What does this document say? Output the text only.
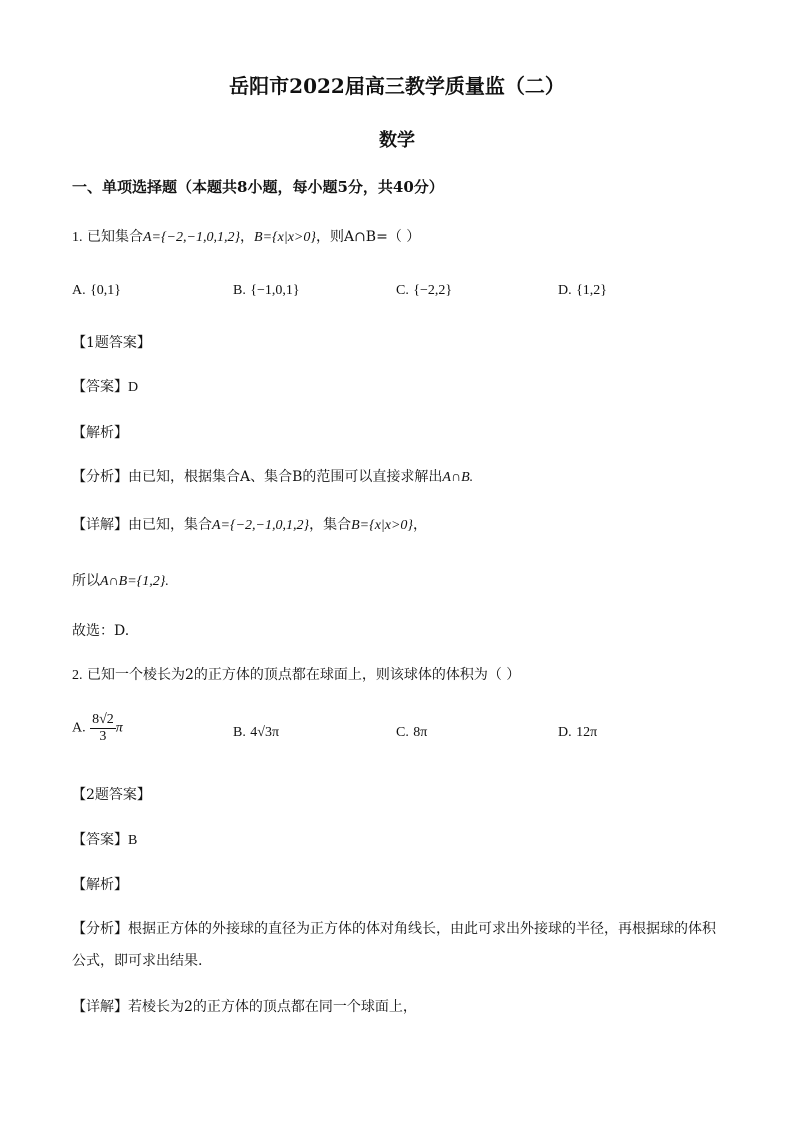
岳阳市2022届高三教学质量监（二）
数学
一、单项选择题（本题共8小题，每小题5分，共40分）
1. 已知集合A={−2,−1,0,1,2}，B={x|x>0}，则A∩B=（ ）
A. {0,1}	B. {−1,0,1}	C. {−2,2}	D. {1,2}
【1题答案】
【答案】D
【解析】
【分析】由已知，根据集合A、集合B的范围可以直接求解出A∩B.
【详解】由已知，集合A={−2,−1,0,1,2}，集合B={x|x>0}，
所以A∩B={1,2}.
故选：D.
2. 已知一个棱长为2的正方体的顶点都在球面上，则该球体的体积为（ ）
A. $\frac{8√2}{3}$ π	B. 4√3π	C. 8π	D. 12π
【2题答案】
【答案】B
【解析】
【分析】根据正方体的外接球的直径为正方体的体对角线长，由此可求出外接球的半径，再根据球的体积
公式，即可求出结果.
【详解】若棱长为2的正方体的顶点都在同一个球面上，
